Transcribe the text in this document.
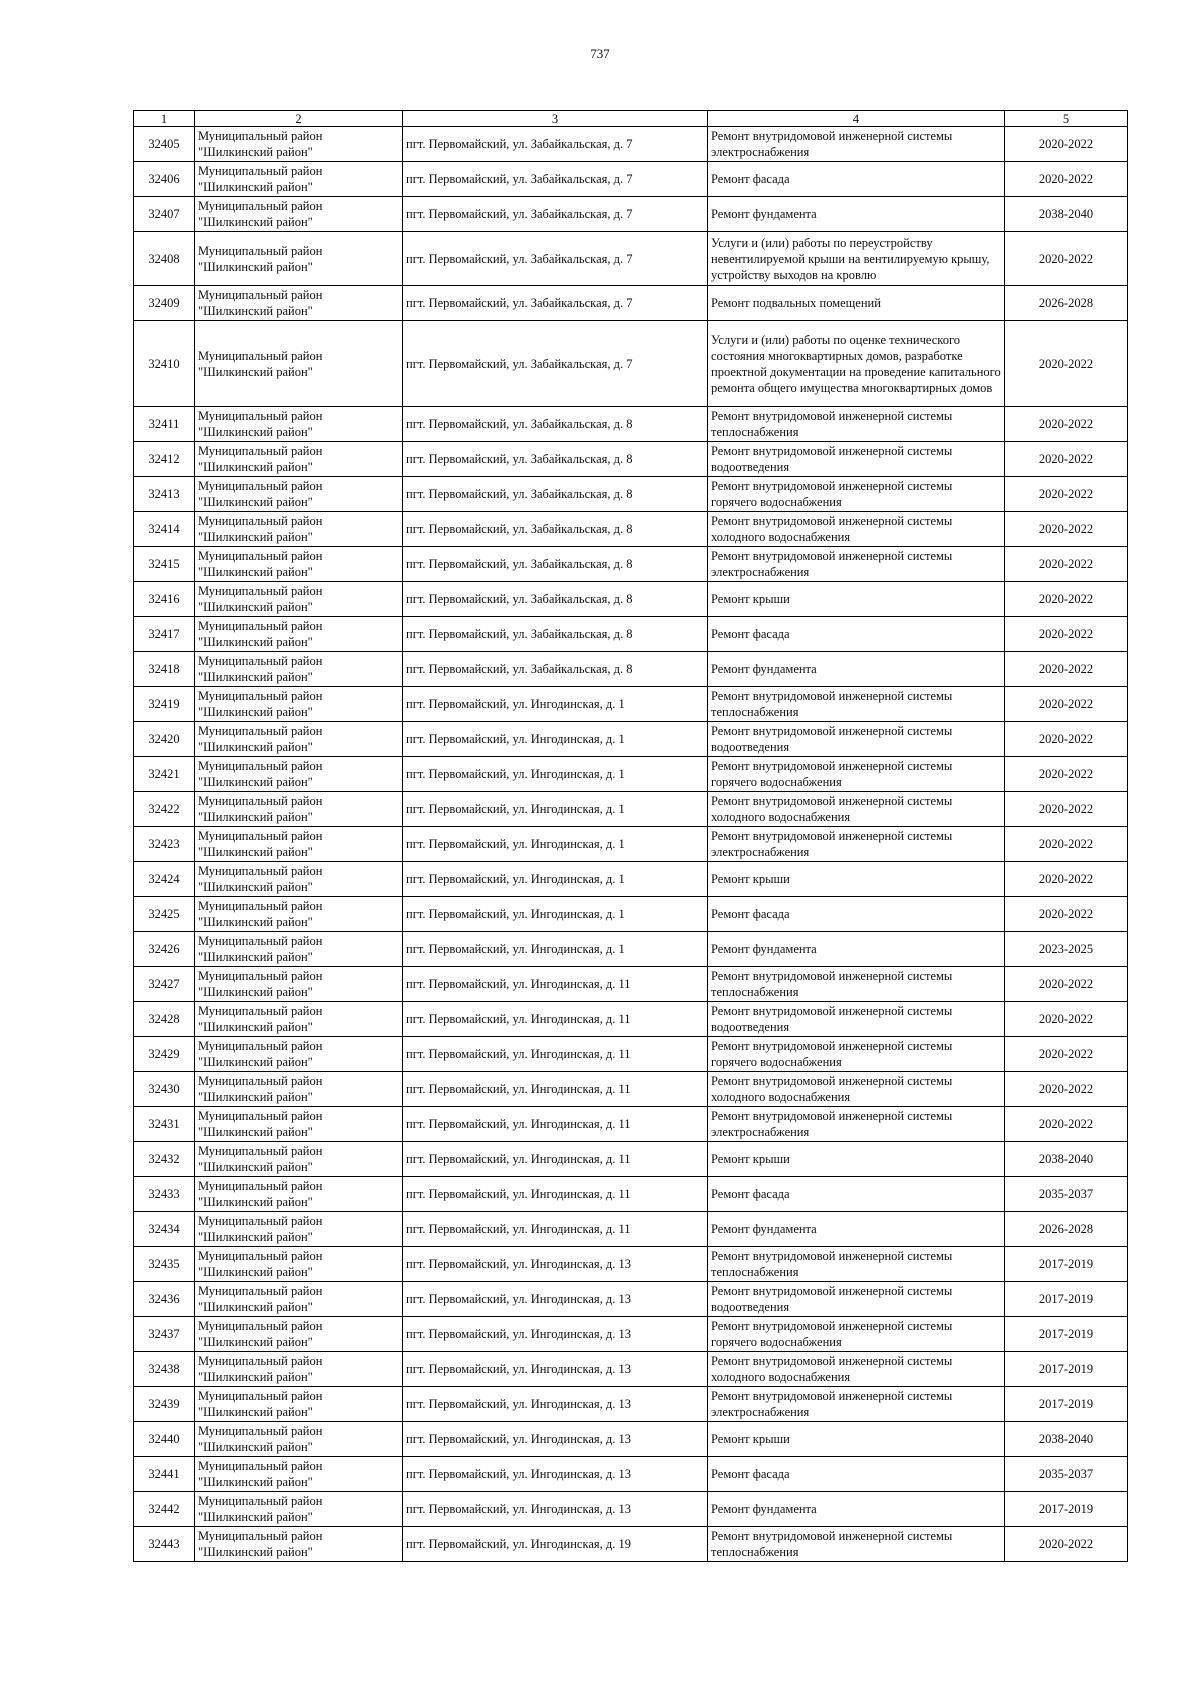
737
1	2	3	4	5
32405	Муниципальный район "Шилкинский район"	пгт. Первомайский, ул. Забайкальская, д. 7	Ремонт внутридомовой инженерной системы электроснабжения	2020-2022
32406	Муниципальный район "Шилкинский район"	пгт. Первомайский, ул. Забайкальская, д. 7	Ремонт фасада	2020-2022
32407	Муниципальный район "Шилкинский район"	пгт. Первомайский, ул. Забайкальская, д. 7	Ремонт фундамента	2038-2040
32408	Муниципальный район "Шилкинский район"	пгт. Первомайский, ул. Забайкальская, д. 7	Услуги и (или) работы по переустройству невентилируемой крыши на вентилируемую крышу, устройству выходов на кровлю	2020-2022
32409	Муниципальный район "Шилкинский район"	пгт. Первомайский, ул. Забайкальская, д. 7	Ремонт подвальных помещений	2026-2028
32410	Муниципальный район "Шилкинский район"	пгт. Первомайский, ул. Забайкальская, д. 7	Услуги и (или) работы по оценке технического состояния многоквартирных домов, разработке проектной документации на проведение капитального ремонта общего имущества многоквартирных домов	2020-2022
32411	Муниципальный район "Шилкинский район"	пгт. Первомайский, ул. Забайкальская, д. 8	Ремонт внутридомовой инженерной системы теплоснабжения	2020-2022
32412	Муниципальный район "Шилкинский район"	пгт. Первомайский, ул. Забайкальская, д. 8	Ремонт внутридомовой инженерной системы водоотведения	2020-2022
32413	Муниципальный район "Шилкинский район"	пгт. Первомайский, ул. Забайкальская, д. 8	Ремонт внутридомовой инженерной системы горячего водоснабжения	2020-2022
32414	Муниципальный район "Шилкинский район"	пгт. Первомайский, ул. Забайкальская, д. 8	Ремонт внутридомовой инженерной системы холодного водоснабжения	2020-2022
32415	Муниципальный район "Шилкинский район"	пгт. Первомайский, ул. Забайкальская, д. 8	Ремонт внутридомовой инженерной системы электроснабжения	2020-2022
32416	Муниципальный район "Шилкинский район"	пгт. Первомайский, ул. Забайкальская, д. 8	Ремонт крыши	2020-2022
32417	Муниципальный район "Шилкинский район"	пгт. Первомайский, ул. Забайкальская, д. 8	Ремонт фасада	2020-2022
32418	Муниципальный район "Шилкинский район"	пгт. Первомайский, ул. Забайкальская, д. 8	Ремонт фундамента	2020-2022
32419	Муниципальный район "Шилкинский район"	пгт. Первомайский, ул. Ингодинская, д. 1	Ремонт внутридомовой инженерной системы теплоснабжения	2020-2022
32420	Муниципальный район "Шилкинский район"	пгт. Первомайский, ул. Ингодинская, д. 1	Ремонт внутридомовой инженерной системы водоотведения	2020-2022
32421	Муниципальный район "Шилкинский район"	пгт. Первомайский, ул. Ингодинская, д. 1	Ремонт внутридомовой инженерной системы горячего водоснабжения	2020-2022
32422	Муниципальный район "Шилкинский район"	пгт. Первомайский, ул. Ингодинская, д. 1	Ремонт внутридомовой инженерной системы холодного водоснабжения	2020-2022
32423	Муниципальный район "Шилкинский район"	пгт. Первомайский, ул. Ингодинская, д. 1	Ремонт внутридомовой инженерной системы электроснабжения	2020-2022
32424	Муниципальный район "Шилкинский район"	пгт. Первомайский, ул. Ингодинская, д. 1	Ремонт крыши	2020-2022
32425	Муниципальный район "Шилкинский район"	пгт. Первомайский, ул. Ингодинская, д. 1	Ремонт фасада	2020-2022
32426	Муниципальный район "Шилкинский район"	пгт. Первомайский, ул. Ингодинская, д. 1	Ремонт фундамента	2023-2025
32427	Муниципальный район "Шилкинский район"	пгт. Первомайский, ул. Ингодинская, д. 11	Ремонт внутридомовой инженерной системы теплоснабжения	2020-2022
32428	Муниципальный район "Шилкинский район"	пгт. Первомайский, ул. Ингодинская, д. 11	Ремонт внутридомовой инженерной системы водоотведения	2020-2022
32429	Муниципальный район "Шилкинский район"	пгт. Первомайский, ул. Ингодинская, д. 11	Ремонт внутридомовой инженерной системы горячего водоснабжения	2020-2022
32430	Муниципальный район "Шилкинский район"	пгт. Первомайский, ул. Ингодинская, д. 11	Ремонт внутридомовой инженерной системы холодного водоснабжения	2020-2022
32431	Муниципальный район "Шилкинский район"	пгт. Первомайский, ул. Ингодинская, д. 11	Ремонт внутридомовой инженерной системы электроснабжения	2020-2022
32432	Муниципальный район "Шилкинский район"	пгт. Первомайский, ул. Ингодинская, д. 11	Ремонт крыши	2038-2040
32433	Муниципальный район "Шилкинский район"	пгт. Первомайский, ул. Ингодинская, д. 11	Ремонт фасада	2035-2037
32434	Муниципальный район "Шилкинский район"	пгт. Первомайский, ул. Ингодинская, д. 11	Ремонт фундамента	2026-2028
32435	Муниципальный район "Шилкинский район"	пгт. Первомайский, ул. Ингодинская, д. 13	Ремонт внутридомовой инженерной системы теплоснабжения	2017-2019
32436	Муниципальный район "Шилкинский район"	пгт. Первомайский, ул. Ингодинская, д. 13	Ремонт внутридомовой инженерной системы водоотведения	2017-2019
32437	Муниципальный район "Шилкинский район"	пгт. Первомайский, ул. Ингодинская, д. 13	Ремонт внутридомовой инженерной системы горячего водоснабжения	2017-2019
32438	Муниципальный район "Шилкинский район"	пгт. Первомайский, ул. Ингодинская, д. 13	Ремонт внутридомовой инженерной системы холодного водоснабжения	2017-2019
32439	Муниципальный район "Шилкинский район"	пгт. Первомайский, ул. Ингодинская, д. 13	Ремонт внутридомовой инженерной системы электроснабжения	2017-2019
32440	Муниципальный район "Шилкинский район"	пгт. Первомайский, ул. Ингодинская, д. 13	Ремонт крыши	2038-2040
32441	Муниципальный район "Шилкинский район"	пгт. Первомайский, ул. Ингодинская, д. 13	Ремонт фасада	2035-2037
32442	Муниципальный район "Шилкинский район"	пгт. Первомайский, ул. Ингодинская, д. 13	Ремонт фундамента	2017-2019
32443	Муниципальный район "Шилкинский район"	пгт. Первомайский, ул. Ингодинская, д. 19	Ремонт внутридомовой инженерной системы теплоснабжения	2020-2022
